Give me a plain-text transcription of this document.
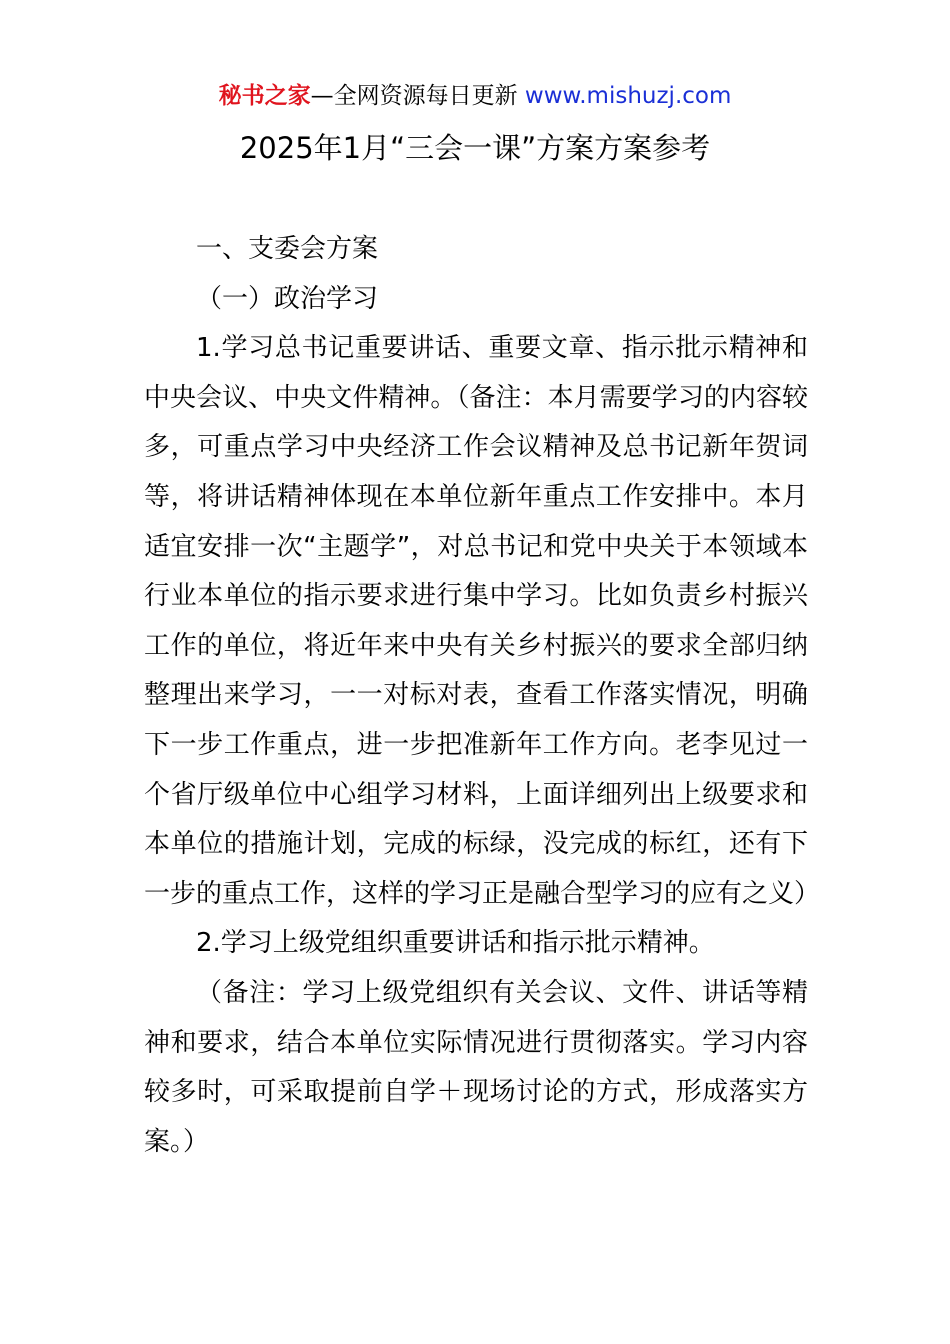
秘书之家—全网资源每日更新 www.mishuzj.com
2025年1月“三会一课”方案方案参考

一、支委会方案

（一）政治学习

1.学习总书记重要讲话、重要文章、指示批示精神和中央会议、中央文件精神。（备注：本月需要学习的内容较多，可重点学习中央经济工作会议精神及总书记新年贺词等，将讲话精神体现在本单位新年重点工作安排中。本月适宜安排一次“主题学”，对总书记和党中央关于本领域本行业本单位的指示要求进行集中学习。比如负责乡村振兴工作的单位，将近年来中央有关乡村振兴的要求全部归纳整理出来学习，一一对标对表，查看工作落实情况，明确下一步工作重点，进一步把准新年工作方向。老李见过一个省厅级单位中心组学习材料，上面详细列出上级要求和本单位的措施计划，完成的标绿，没完成的标红，还有下一步的重点工作，这样的学习正是融合型学习的应有之义）

2.学习上级党组织重要讲话和指示批示精神。

（备注：学习上级党组织有关会议、文件、讲话等精神和要求，结合本单位实际情况进行贯彻落实。学习内容较多时，可采取提前自学＋现场讨论的方式，形成落实方案。）
